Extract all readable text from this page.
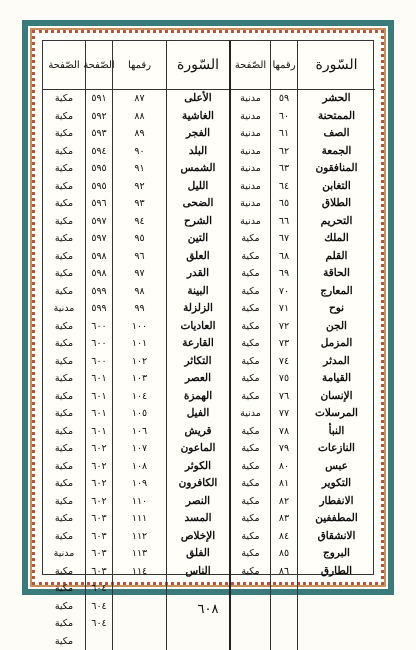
الصّفحة
مكية
مكية
مكية
مكية
مكية
مكية
مكية
مكية
مكية
مكية
مكية
مكية
مدنية
مكية
مكية
مكية
مكية
مكية
مكية
مكية
مكية
مكية
مكية
مكية
مكية
مكية
مدنية
مكية
مكية
مكية
مكية
مكية
الصّفحة
٥٩١
٥٩٢
٥٩٣
٥٩٤
٥٩٥
٥٩٥
٥٩٦
٥٩٧
٥٩٧
٥٩٨
٥٩٨
٥٩٩
٥٩٩
٦٠٠
٦٠٠
٦٠٠
٦٠١
٦٠١
٦٠١
٦٠١
٦٠٢
٦٠٢
٦٠٢
٦٠٢
٦٠٣
٦٠٣
٦٠٣
٦٠٣
٦٠٤
٦٠٤
٦٠٤
رقمها
٨٧
٨٨
٨٩
٩٠
٩١
٩٢
٩٣
٩٤
٩٥
٩٦
٩٧
٩٨
٩٩
١٠٠
١٠١
١٠٢
١٠٣
١٠٤
١٠٥
١٠٦
١٠٧
١٠٨
١٠٩
١١٠
١١١
١١٢
١١٣
١١٤
السّورة
الأعلى
الغاشية
الفجر
البلد
الشمس
الليل
الضحى
الشرح
التين
العلق
القدر
البينة
الزلزلة
العاديات
القارعة
التكاثر
العصر
الهمزة
الفيل
قريش
الماعون
الكوثر
الكافرون
النصر
المسد
الإخلاص
الفلق
الناس
الصّفحة
مدنية
مدنية
مدنية
مدنية
مدنية
مدنية
مدنية
مدنية
مكية
مكية
مكية
مكية
مكية
مكية
مكية
مكية
مكية
مكية
مدنية
مكية
مكية
مكية
مكية
مكية
مكية
مكية
مكية
مكية
رقمها
٥٩
٦٠
٦١
٦٢
٦٣
٦٤
٦٥
٦٦
٦٧
٦٨
٦٩
٧٠
٧١
٧٢
٧٣
٧٤
٧٥
٧٦
٧٧
٧٨
٧٩
٨٠
٨١
٨٢
٨٣
٨٤
٨٥
٨٦
السّورة
الحشر
الممتحنة
الصف
الجمعة
المنافقون
التغابن
الطلاق
التحريم
الملك
القلم
الحاقة
المعارج
نوح
الجن
المزمل
المدثر
القيامة
الإنسان
المرسلات
النبأ
النازعات
عبس
التكوير
الانفطار
المطففين
الانشقاق
البروج
الطارق
٦٠٨
